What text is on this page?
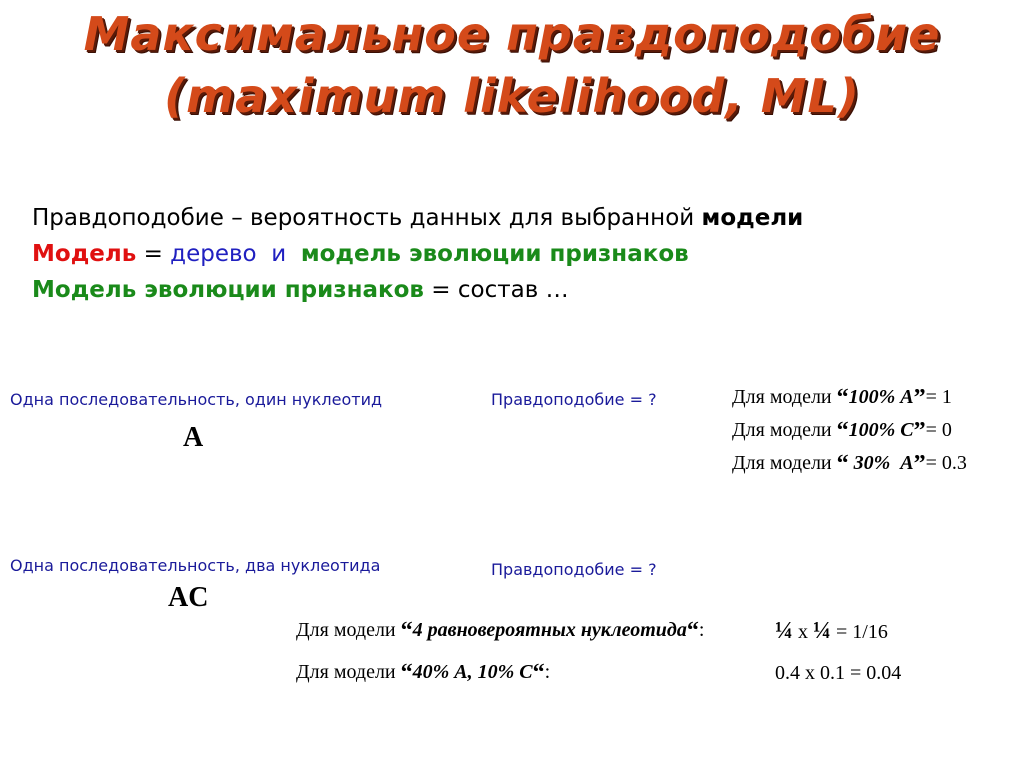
Максимальное правдоподобие
(maximum likelihood, ML)
Правдоподобие – вероятность данных для выбранной модели
Модель = дерево  и  модель эволюции признаков
Модель эволюции признаков = состав …
Одна последовательность, один нуклеотид
A
Правдоподобие = ?	Для модели “100% A”= 1
Для модели “100% C”= 0
Для модели “ 30%  A”= 0.3
Одна последовательность, два нуклеотида
AC
Правдоподобие = ?
Для модели “4 равновероятных нуклеотида“:	¼ x ¼ = 1/16
Для модели “40% A, 10% C“:	0.4 x 0.1 = 0.04
